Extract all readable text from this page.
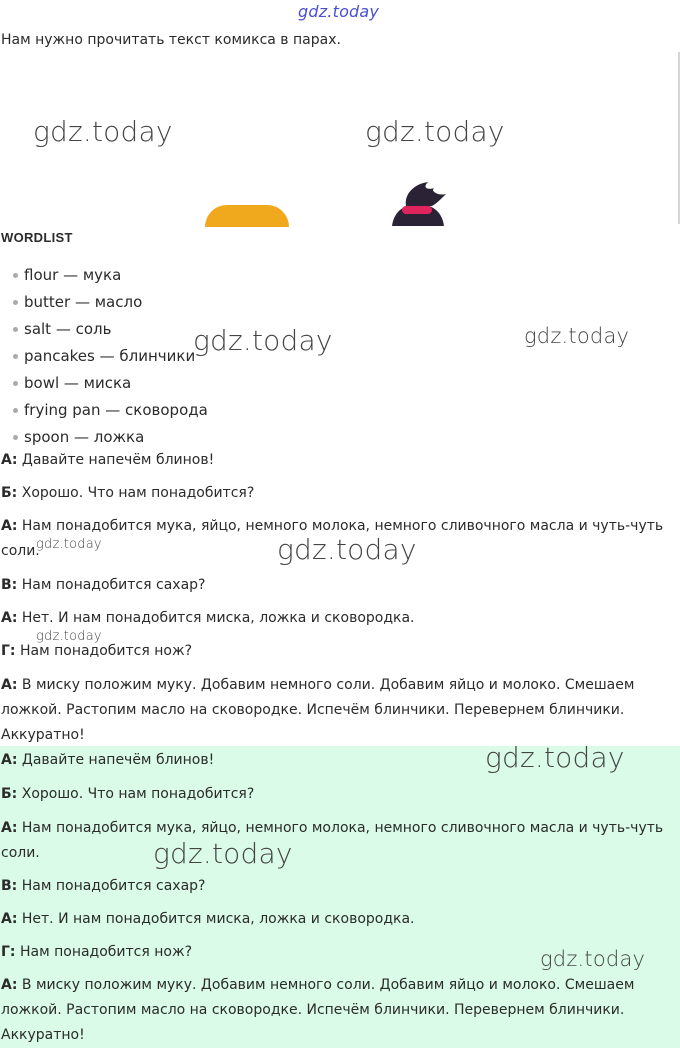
gdz.today
Нам нужно прочитать текст комикса в парах.
gdz.today	gdz.today
WORDLIST
flour — мука
butter — масло
salt — соль
pancakes — блинчики
bowl — миска
frying pan — сковорода
spoon — ложка
gdz.today	gdz.today
А: Давайте напечём блинов!
Б: Хорошо. Что нам понадобится?
А: Нам понадобится мука, яйцо, немного молока, немного сливочного масла и чуть-чуть соли.
В: Нам понадобится сахар?
А: Нет. И нам понадобится миска, ложка и сковородка.
Г: Нам понадобится нож?
А: В миску положим муку. Добавим немного соли. Добавим яйцо и молоко. Смешаем ложкой. Растопим масло на сковородке. Испечём блинчики. Перевернем блинчики. Аккуратно!
gdz.today	gdz.today
gdz.today
А: Давайте напечём блинов!
Б: Хорошо. Что нам понадобится?
А: Нам понадобится мука, яйцо, немного молока, немного сливочного масла и чуть-чуть соли.
В: Нам понадобится сахар?
А: Нет. И нам понадобится миска, ложка и сковородка.
Г: Нам понадобится нож?
А: В миску положим муку. Добавим немного соли. Добавим яйцо и молоко. Смешаем ложкой. Растопим масло на сковородке. Испечём блинчики. Перевернем блинчики. Аккуратно!
gdz.today
gdz.today
gdz.today
